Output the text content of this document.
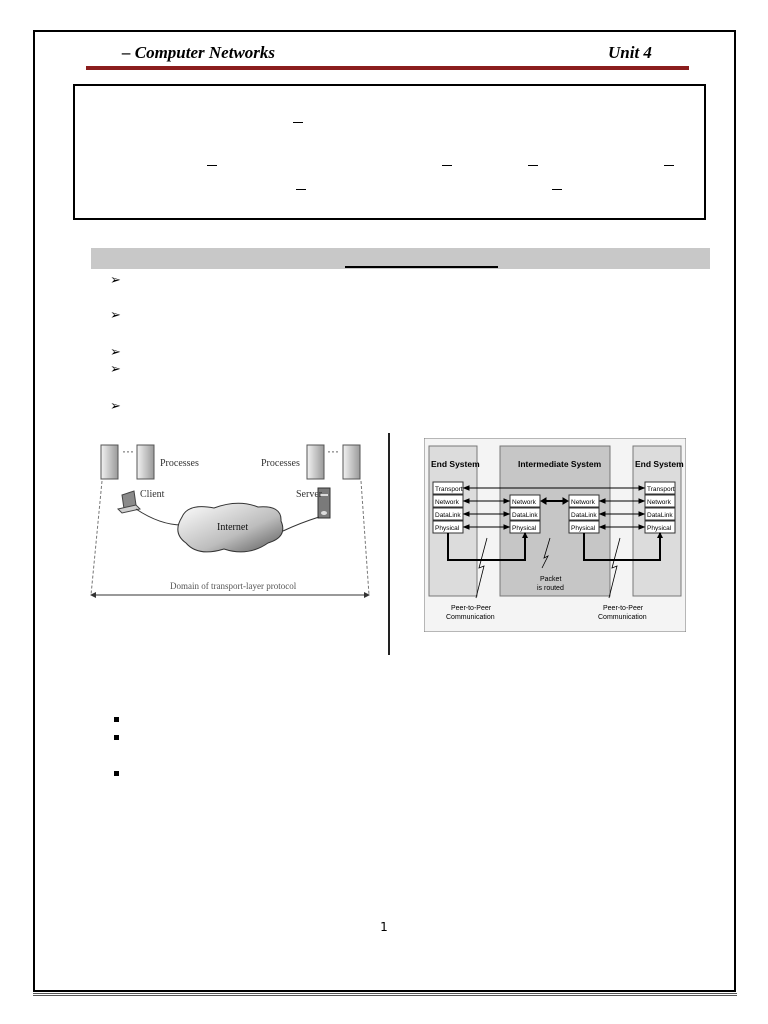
– Computer Networks	Unit 4
➢
➢
➢
➢
➢
···
Processes	Processes
···
Client	Server
Internet
Domain of transport-layer protocol
End System	Intermediate System	End System
Transport
Network
DataLink
Physical
Network
DataLink
Physical
Network
DataLink
Physical
Transport
Network
DataLink
Physical
Packet
is routed
Peer-to-Peer
Communication
Peer-to-Peer
Communication
1
